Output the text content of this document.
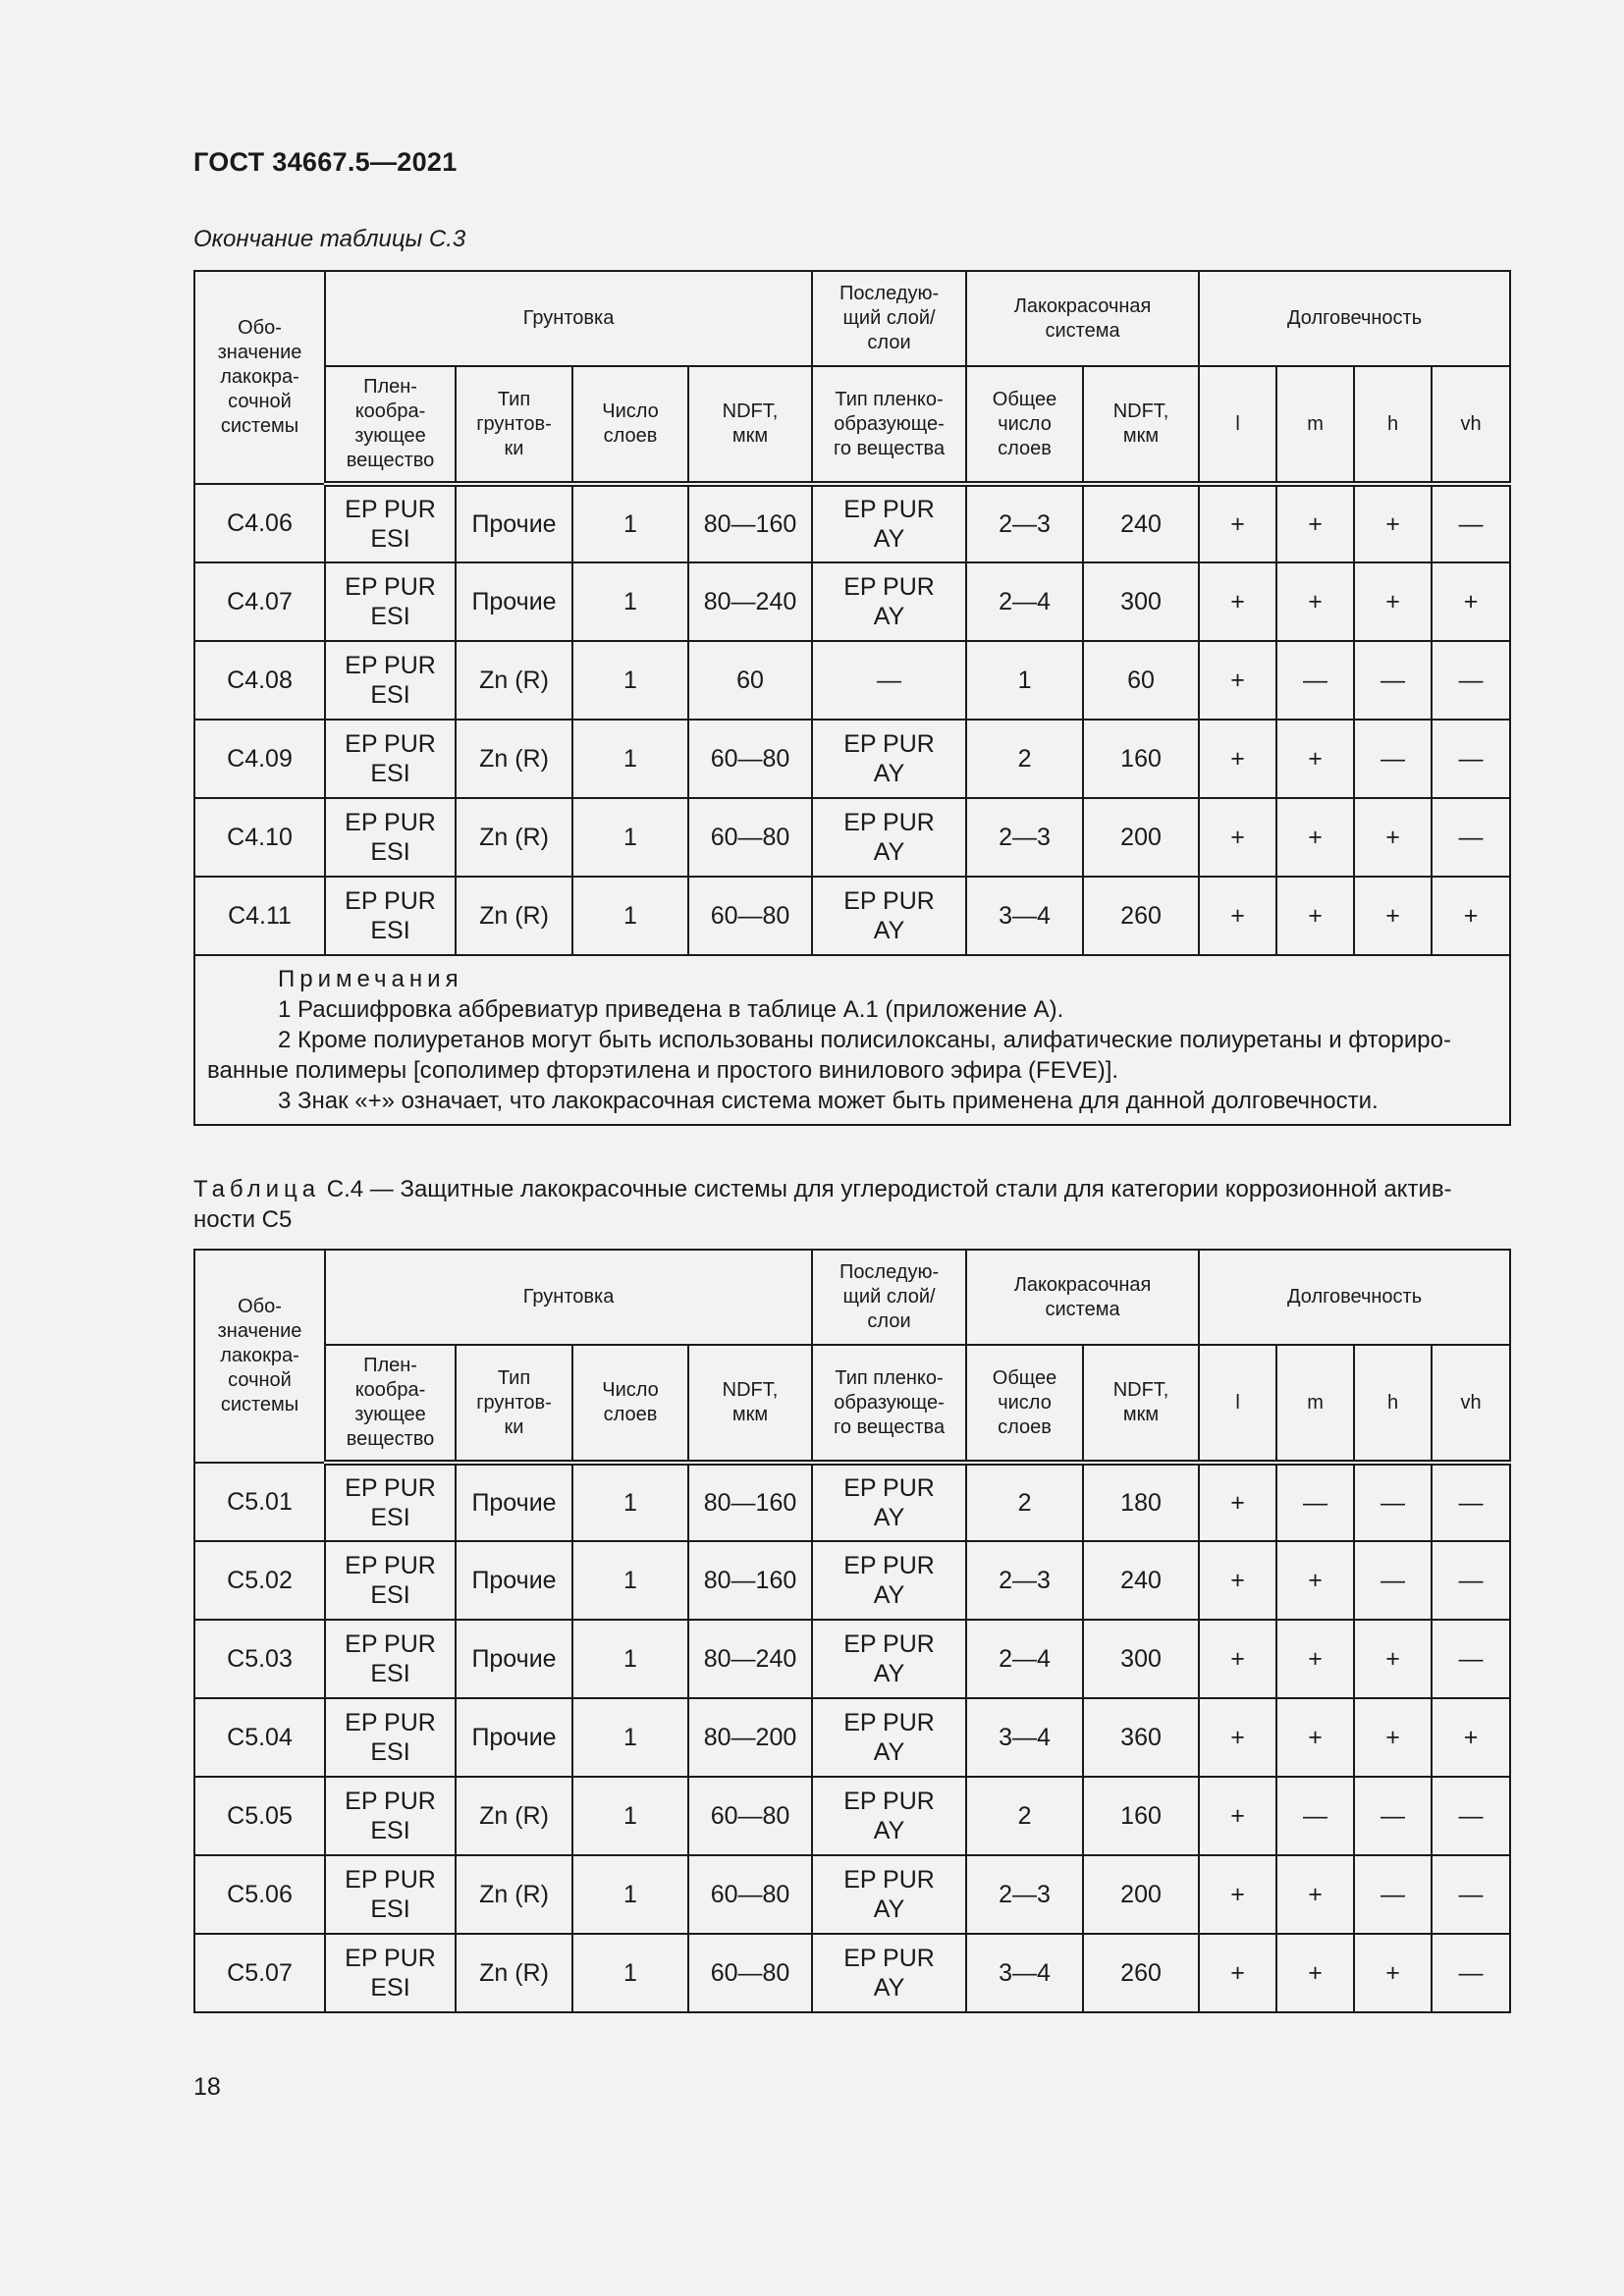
ГОСТ 34667.5—2021
Окончание таблицы С.3
Обо-
значение
лакокра-
сочной
системы	Грунтовка				Последую-
щий слой/
слои	Лакокрасочная
система		Долговечность			
	Плен-
кообра-
зующее
вещество	Тип
грунтов-
ки	Число
слоев	NDFT,
мкм	Тип пленко-
образующе-
го вещества	Общее
число
слоев	NDFT,
мкм	l	m	h	vh
C4.06	EP PUR
ESI	Прочие	1	80—160	EP PUR
AY	2—3	240	+	+	+	—
C4.07	EP PUR
ESI	Прочие	1	80—240	EP PUR
AY	2—4	300	+	+	+	+
C4.08	EP PUR
ESI	Zn (R)	1	60	—	1	60	+	—	—	—
C4.09	EP PUR
ESI	Zn (R)	1	60—80	EP PUR
AY	2	160	+	+	—	—
C4.10	EP PUR
ESI	Zn (R)	1	60—80	EP PUR
AY	2—3	200	+	+	+	—
C4.11	EP PUR
ESI	Zn (R)	1	60—80	EP PUR
AY	3—4	260	+	+	+	+

Примечания
1 Расшифровка аббревиатур приведена в таблице А.1 (приложение А).
2 Кроме полиуретанов могут быть использованы полисилоксаны, алифатические полиуретаны и фториро-ванные полимеры [сополимер фторэтилена и простого винилового эфира (FEVE)].
3 Знак «+» означает, что лакокрасочная система может быть применена для данной долговечности.											
Таблица С.4 — Защитные лакокрасочные системы для углеродистой стали для категории коррозионной актив-ности С5
Обо-
значение
лакокра-
сочной
системы	Грунтовка				Последую-
щий слой/
слои	Лакокрасочная
система		Долговечность			
	Плен-
кообра-
зующее
вещество	Тип
грунтов-
ки	Число
слоев	NDFT,
мкм	Тип пленко-
образующе-
го вещества	Общее
число
слоев	NDFT,
мкм	l	m	h	vh
C5.01	EP PUR
ESI	Прочие	1	80—160	EP PUR
AY	2	180	+	—	—	—
C5.02	EP PUR
ESI	Прочие	1	80—160	EP PUR
AY	2—3	240	+	+	—	—
C5.03	EP PUR
ESI	Прочие	1	80—240	EP PUR
AY	2—4	300	+	+	+	—
C5.04	EP PUR
ESI	Прочие	1	80—200	EP PUR
AY	3—4	360	+	+	+	+
C5.05	EP PUR
ESI	Zn (R)	1	60—80	EP PUR
AY	2	160	+	—	—	—
C5.06	EP PUR
ESI	Zn (R)	1	60—80	EP PUR
AY	2—3	200	+	+	—	—
C5.07	EP PUR
ESI	Zn (R)	1	60—80	EP PUR
AY	3—4	260	+	+	+	—
18
